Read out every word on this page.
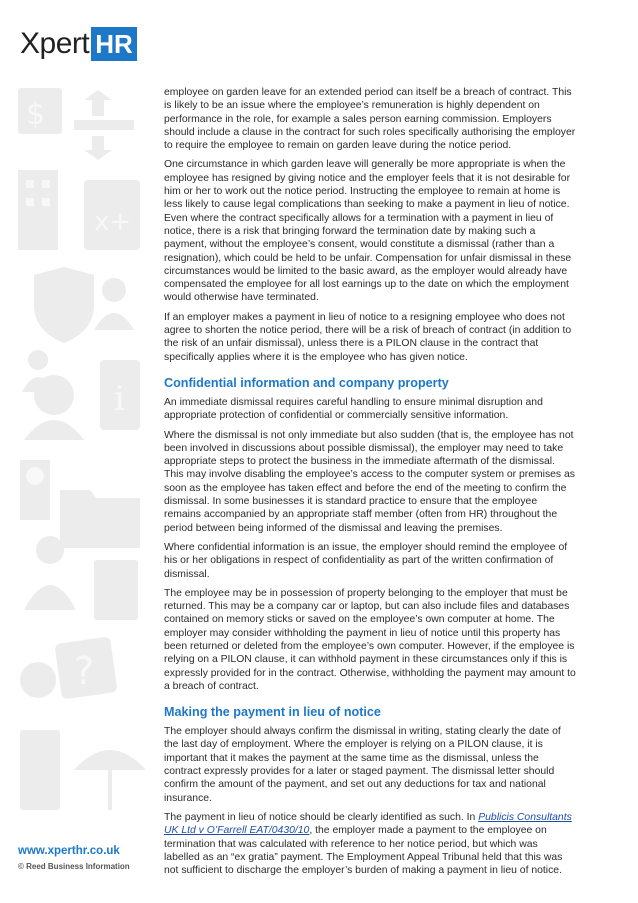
Xpert HR
$
x+
i
?
www.xperthr.co.uk
© Reed Business Information

employee on garden leave for an extended period can itself be a breach of contract. This is likely to be an issue where the employee’s remuneration is highly dependent on performance in the role, for example a sales person earning commission. Employers should include a clause in the contract for such roles specifically authorising the employer to require the employee to remain on garden leave during the notice period.

One circumstance in which garden leave will generally be more appropriate is when the employee has resigned by giving notice and the employer feels that it is not desirable for him or her to work out the notice period. Instructing the employee to remain at home is less likely to cause legal complications than seeking to make a payment in lieu of notice. Even where the contract specifically allows for a termination with a payment in lieu of notice, there is a risk that bringing forward the termination date by making such a payment, without the employee’s consent, would constitute a dismissal (rather than a resignation), which could be held to be unfair. Compensation for unfair dismissal in these circumstances would be limited to the basic award, as the employer would already have compensated the employee for all lost earnings up to the date on which the employment would otherwise have terminated.

If an employer makes a payment in lieu of notice to a resigning employee who does not agree to shorten the notice period, there will be a risk of breach of contract (in addition to the risk of an unfair dismissal), unless there is a PILON clause in the contract that specifically applies where it is the employee who has given notice.

Confidential information and company property

An immediate dismissal requires careful handling to ensure minimal disruption and appropriate protection of confidential or commercially sensitive information.

Where the dismissal is not only immediate but also sudden (that is, the employee has not been involved in discussions about possible dismissal), the employer may need to take appropriate steps to protect the business in the immediate aftermath of the dismissal. This may involve disabling the employee’s access to the computer system or premises as soon as the employee has taken effect and before the end of the meeting to confirm the dismissal. In some businesses it is standard practice to ensure that the employee remains accompanied by an appropriate staff member (often from HR) throughout the period between being informed of the dismissal and leaving the premises.

Where confidential information is an issue, the employer should remind the employee of his or her obligations in respect of confidentiality as part of the written confirmation of dismissal.

The employee may be in possession of property belonging to the employer that must be returned. This may be a company car or laptop, but can also include files and databases contained on memory sticks or saved on the employee’s own computer at home. The employer may consider withholding the payment in lieu of notice until this property has been returned or deleted from the employee’s own computer. However, if the employee is relying on a PILON clause, it can withhold payment in these circumstances only if this is expressly provided for in the contract. Otherwise, withholding the payment may amount to a breach of contract.

Making the payment in lieu of notice

The employer should always confirm the dismissal in writing, stating clearly the date of the last day of employment. Where the employer is relying on a PILON clause, it is important that it makes the payment at the same time as the dismissal, unless the contract expressly provides for a later or staged payment. The dismissal letter should confirm the amount of the payment, and set out any deductions for tax and national insurance.

The payment in lieu of notice should be clearly identified as such. In Publicis Consultants UK Ltd v O’Farrell EAT/0430/10, the employer made a payment to the employee on termination that was calculated with reference to her notice period, but which was labelled as an “ex gratia” payment. The Employment Appeal Tribunal held that this was not sufficient to discharge the employer’s burden of making a payment in lieu of notice.
